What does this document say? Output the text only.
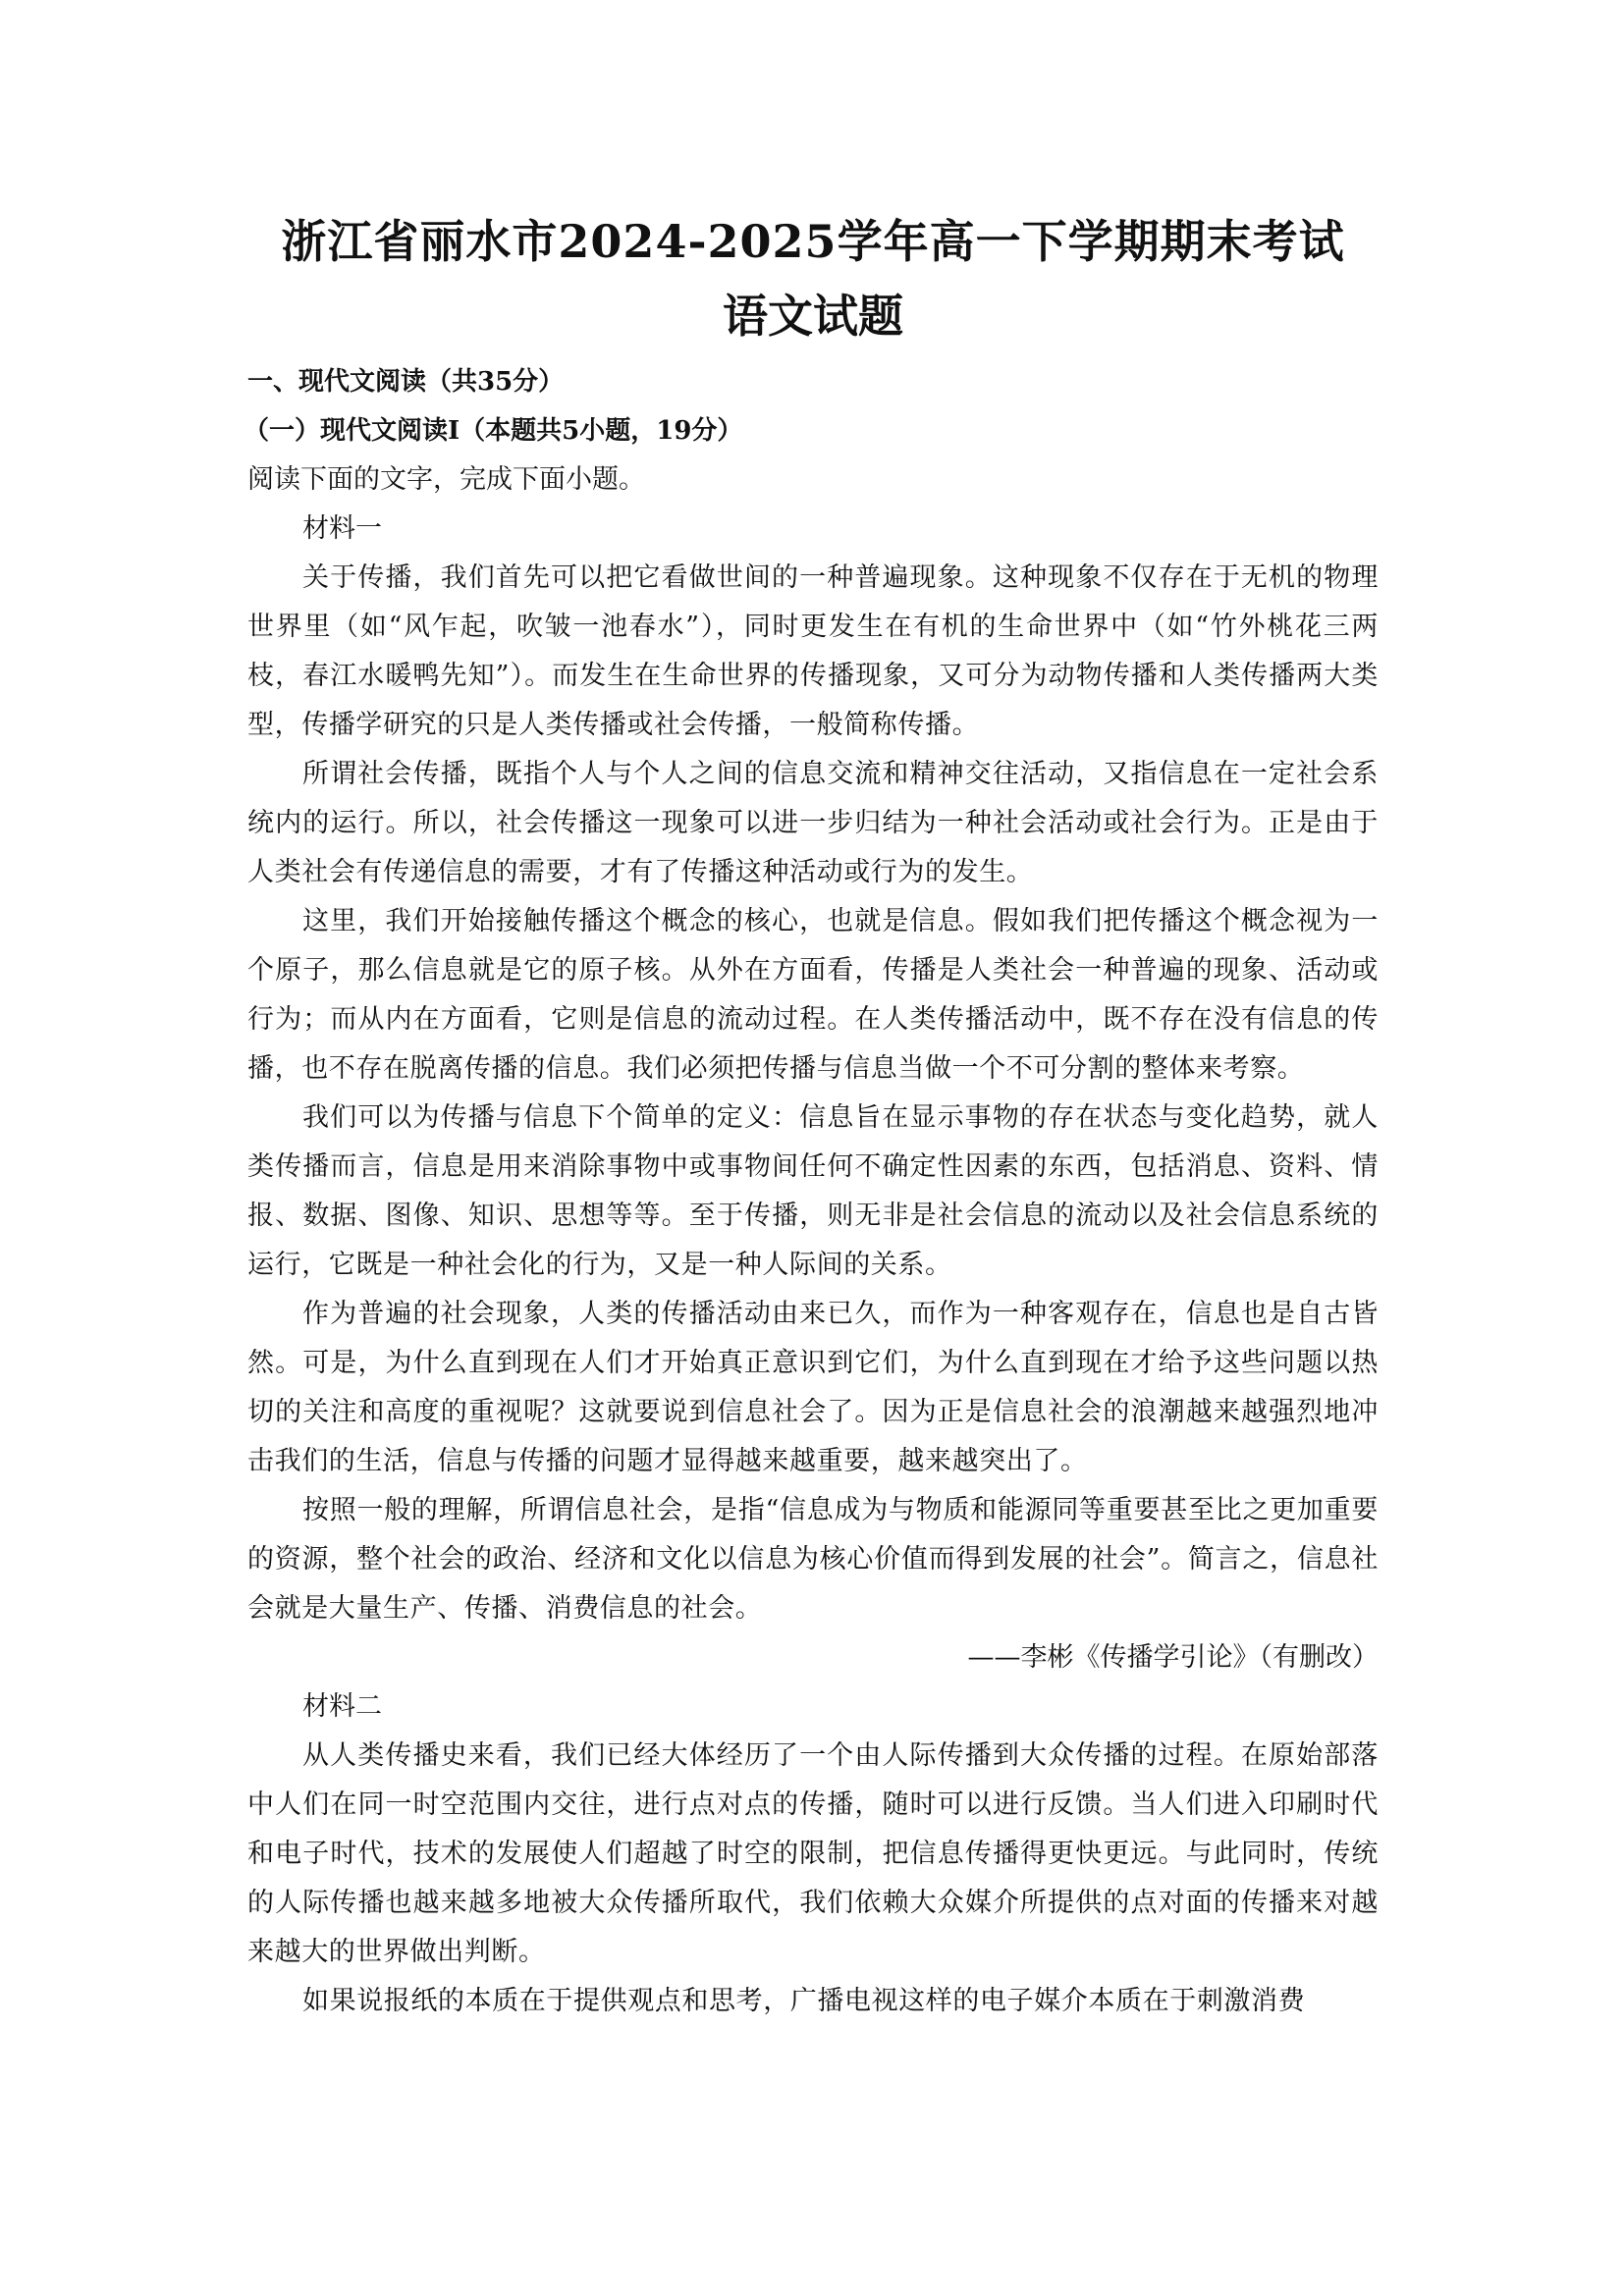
浙江省丽水市2024-2025学年高一下学期期末考试
语文试题

一、现代文阅读（共35分）

（一）现代文阅读Ⅰ（本题共5小题，19分）

阅读下面的文字，完成下面小题。

材料一

关于传播，我们首先可以把它看做世间的一种普遍现象。这种现象不仅存在于无机的物理世界里（如“风乍起，吹皱一池春水”），同时更发生在有机的生命世界中（如“竹外桃花三两枝，春江水暖鸭先知”）。而发生在生命世界的传播现象，又可分为动物传播和人类传播两大类型，传播学研究的只是人类传播或社会传播，一般简称传播。

所谓社会传播，既指个人与个人之间的信息交流和精神交往活动，又指信息在一定社会系统内的运行。所以，社会传播这一现象可以进一步归结为一种社会活动或社会行为。正是由于人类社会有传递信息的需要，才有了传播这种活动或行为的发生。

这里，我们开始接触传播这个概念的核心，也就是信息。假如我们把传播这个概念视为一个原子，那么信息就是它的原子核。从外在方面看，传播是人类社会一种普遍的现象、活动或行为；而从内在方面看，它则是信息的流动过程。在人类传播活动中，既不存在没有信息的传播，也不存在脱离传播的信息。我们必须把传播与信息当做一个不可分割的整体来考察。

我们可以为传播与信息下个简单的定义：信息旨在显示事物的存在状态与变化趋势，就人类传播而言，信息是用来消除事物中或事物间任何不确定性因素的东西，包括消息、资料、情报、数据、图像、知识、思想等等。至于传播，则无非是社会信息的流动以及社会信息系统的运行，它既是一种社会化的行为，又是一种人际间的关系。

作为普遍的社会现象，人类的传播活动由来已久，而作为一种客观存在，信息也是自古皆然。可是，为什么直到现在人们才开始真正意识到它们，为什么直到现在才给予这些问题以热切的关注和高度的重视呢？这就要说到信息社会了。因为正是信息社会的浪潮越来越强烈地冲击我们的生活，信息与传播的问题才显得越来越重要，越来越突出了。

按照一般的理解，所谓信息社会，是指“信息成为与物质和能源同等重要甚至比之更加重要的资源，整个社会的政治、经济和文化以信息为核心价值而得到发展的社会”。简言之，信息社会就是大量生产、传播、消费信息的社会。

——李彬《传播学引论》（有删改）

材料二

从人类传播史来看，我们已经大体经历了一个由人际传播到大众传播的过程。在原始部落中人们在同一时空范围内交往，进行点对点的传播，随时可以进行反馈。当人们进入印刷时代和电子时代，技术的发展使人们超越了时空的限制，把信息传播得更快更远。与此同时，传统的人际传播也越来越多地被大众传播所取代，我们依赖大众媒介所提供的点对面的传播来对越来越大的世界做出判断。

如果说报纸的本质在于提供观点和思考，广播电视这样的电子媒介本质在于刺激消费
